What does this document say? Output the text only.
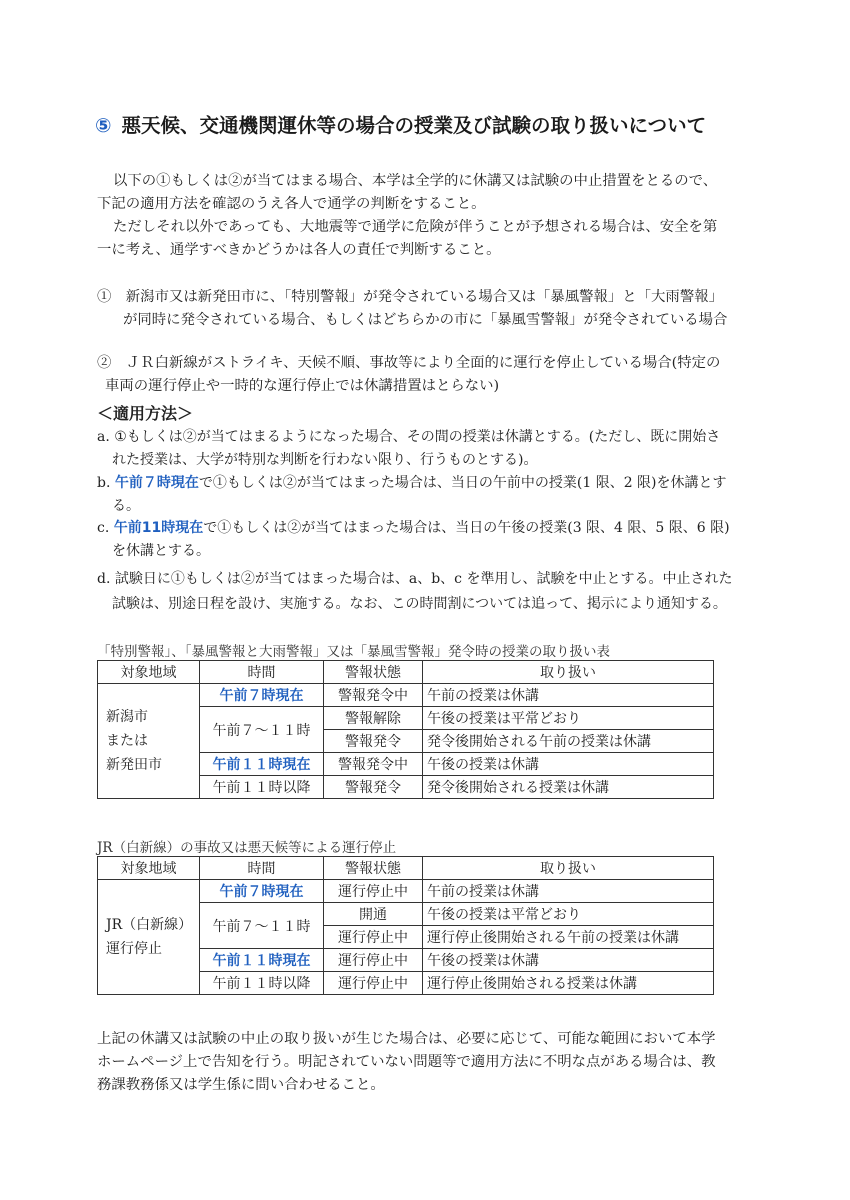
⑤ 悪天候、交通機関運休等の場合の授業及び試験の取り扱いについて
以下の①もしくは②が当てはまる場合、本学は全学的に休講又は試験の中止措置をとるので、
下記の適用方法を確認のうえ各人で通学の判断をすること。
ただしそれ以外であっても、大地震等で通学に危険が伴うことが予想される場合は、安全を第
一に考え、通学すべきかどうかは各人の責任で判断すること。
①　新潟市又は新発田市に、「特別警報」が発令されている場合又は「暴風警報」と「大雨警報」
が同時に発令されている場合、もしくはどちらかの市に「暴風雪警報」が発令されている場合
②　ＪＲ白新線がストライキ、天候不順、事故等により全面的に運行を停止している場合(特定の
車両の運行停止や一時的な運行停止では休講措置はとらない)
＜適用方法＞
a. ①もしくは②が当てはまるようになった場合、その間の授業は休講とする。(ただし、既に開始さ
れた授業は、大学が特別な判断を行わない限り、行うものとする)。
b. 午前７時現在で①もしくは②が当てはまった場合は、当日の午前中の授業(1 限、2 限)を休講とす
る。
c. 午前11時現在で①もしくは②が当てはまった場合は、当日の午後の授業(3 限、4 限、5 限、6 限)
を休講とする。
d. 試験日に①もしくは②が当てはまった場合は、a、b、c を準用し、試験を中止とする。中止された
試験は、別途日程を設け、実施する。なお、この時間割については追って、掲示により通知する。
「特別警報」、「暴風警報と大雨警報」又は「暴風雪警報」発令時の授業の取り扱い表
対象地域	時間	警報状態	取り扱い

新潟市
または
新発田市	午前７時現在	警報発令中	午前の授業は休講
	午前７～１１時	警報解除	午後の授業は平常どおり
		警報発令	発令後開始される午前の授業は休講
	午前１１時現在	警報発令中	午後の授業は休講
	午前１１時以降	警報発令	発令後開始される授業は休講
JR（白新線）の事故又は悪天候等による運行停止
対象地域	時間	警報状態	取り扱い

JR（白新線）
運行停止	午前７時現在	運行停止中	午前の授業は休講
	午前７～１１時	開通	午後の授業は平常どおり
		運行停止中	運行停止後開始される午前の授業は休講
	午前１１時現在	運行停止中	午後の授業は休講
	午前１１時以降	運行停止中	運行停止後開始される授業は休講
上記の休講又は試験の中止の取り扱いが生じた場合は、必要に応じて、可能な範囲において本学
ホームページ上で告知を行う。明記されていない問題等で適用方法に不明な点がある場合は、教
務課教務係又は学生係に問い合わせること。
